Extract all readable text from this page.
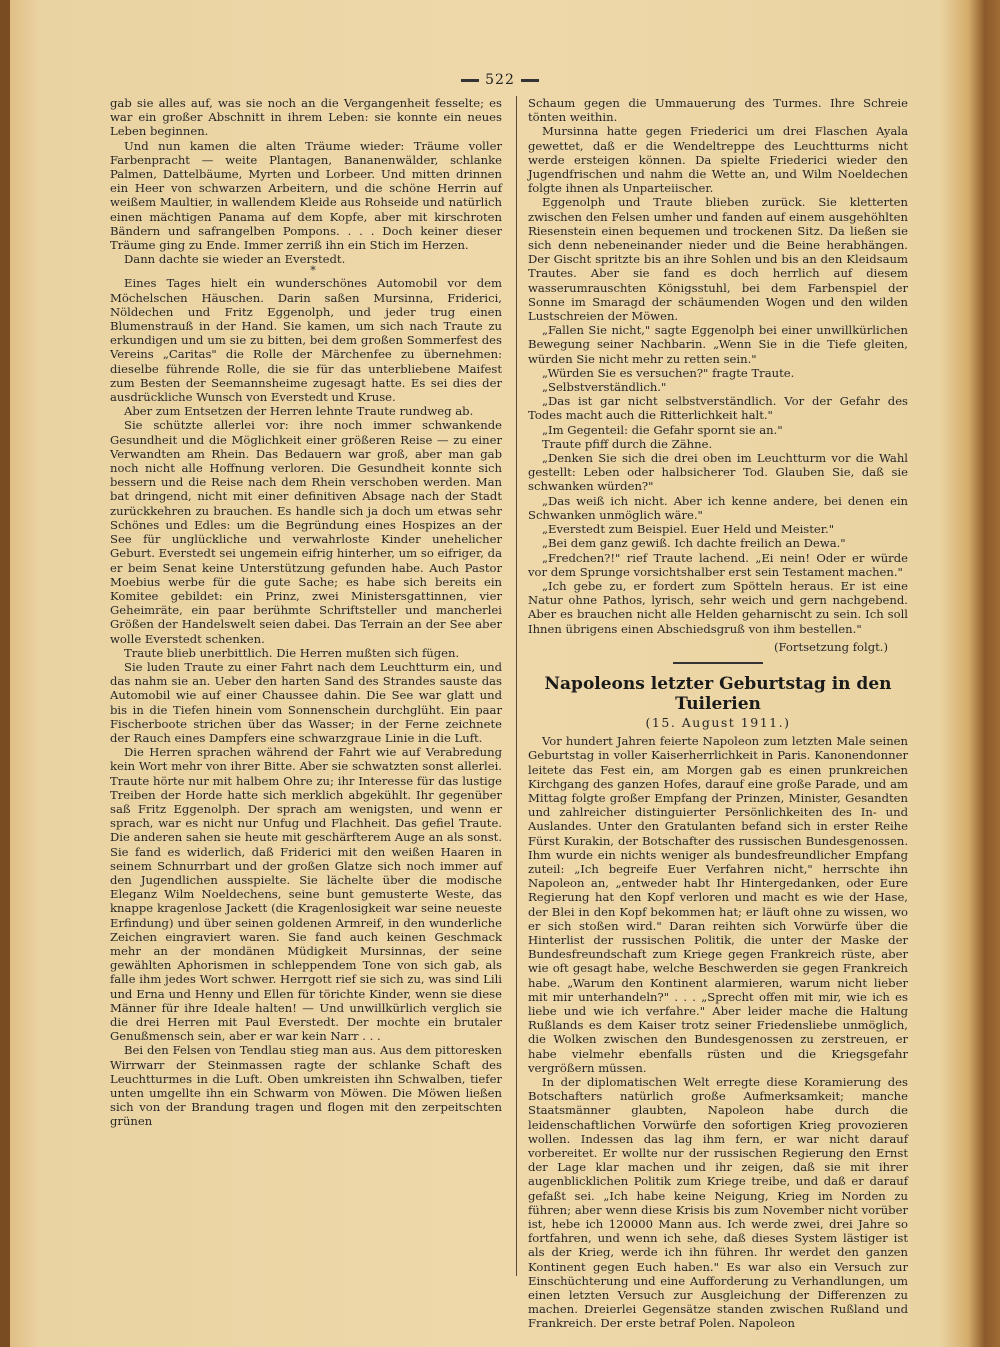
522

gab sie alles auf, was sie noch an die Vergangenheit fesselte; es war ein großer Abschnitt in ihrem Leben: sie konnte ein neues Leben beginnen.

Und nun kamen die alten Träume wieder: Träume voller Farbenpracht — weite Plantagen, Bananenwälder, schlanke Palmen, Dattelbäume, Myrten und Lorbeer. Und mitten drinnen ein Heer von schwarzen Arbeitern, und die schöne Herrin auf weißem Maultier, in wallendem Kleide aus Rohseide und natürlich einen mächtigen Panama auf dem Kopfe, aber mit kirschroten Bändern und safrangelben Pompons. . . . Doch keiner dieser Träume ging zu Ende. Immer zerriß ihn ein Stich im Herzen.

Dann dachte sie wieder an Everstedt.

*

Eines Tages hielt ein wunderschönes Automobil vor dem Möchelschen Häuschen. Darin saßen Mursinna, Friderici, Nöldechen und Fritz Eggenolph, und jeder trug einen Blumenstrauß in der Hand. Sie kamen, um sich nach Traute zu erkundigen und um sie zu bitten, bei dem großen Sommerfest des Vereins „Caritas" die Rolle der Märchenfee zu übernehmen: dieselbe führende Rolle, die sie für das unterbliebene Maifest zum Besten der Seemannsheime zugesagt hatte. Es sei dies der ausdrückliche Wunsch von Everstedt und Kruse.

Aber zum Entsetzen der Herren lehnte Traute rundweg ab.

Sie schützte allerlei vor: ihre noch immer schwankende Gesundheit und die Möglichkeit einer größeren Reise — zu einer Verwandten am Rhein. Das Bedauern war groß, aber man gab noch nicht alle Hoffnung verloren. Die Gesundheit konnte sich bessern und die Reise nach dem Rhein verschoben werden. Man bat dringend, nicht mit einer definitiven Absage nach der Stadt zurückkehren zu brauchen. Es handle sich ja doch um etwas sehr Schönes und Edles: um die Begründung eines Hospizes an der See für unglückliche und verwahrloste Kinder unehelicher Geburt. Everstedt sei ungemein eifrig hinterher, um so eifriger, da er beim Senat keine Unterstützung gefunden habe. Auch Pastor Moebius werbe für die gute Sache; es habe sich bereits ein Komitee gebildet: ein Prinz, zwei Ministersgattinnen, vier Geheimräte, ein paar berühmte Schriftsteller und mancherlei Größen der Handelswelt seien dabei. Das Terrain an der See aber wolle Everstedt schenken.

Traute blieb unerbittlich. Die Herren mußten sich fügen.

Sie luden Traute zu einer Fahrt nach dem Leuchtturm ein, und das nahm sie an. Ueber den harten Sand des Strandes sauste das Automobil wie auf einer Chaussee dahin. Die See war glatt und bis in die Tiefen hinein vom Sonnenschein durchglüht. Ein paar Fischerboote strichen über das Wasser; in der Ferne zeichnete der Rauch eines Dampfers eine schwarzgraue Linie in die Luft.

Die Herren sprachen während der Fahrt wie auf Verabredung kein Wort mehr von ihrer Bitte. Aber sie schwatzten sonst allerlei. Traute hörte nur mit halbem Ohre zu; ihr Interesse für das lustige Treiben der Horde hatte sich merklich abgekühlt. Ihr gegenüber saß Fritz Eggenolph. Der sprach am wenigsten, und wenn er sprach, war es nicht nur Unfug und Flachheit. Das gefiel Traute. Die anderen sahen sie heute mit geschärfterem Auge an als sonst. Sie fand es widerlich, daß Friderici mit den weißen Haaren in seinem Schnurrbart und der großen Glatze sich noch immer auf den Jugendlichen ausspielte. Sie lächelte über die modische Eleganz Wilm Noeldechens, seine bunt gemusterte Weste, das knappe kragenlose Jackett (die Kragenlosigkeit war seine neueste Erfindung) und über seinen goldenen Armreif, in den wunderliche Zeichen eingraviert waren. Sie fand auch keinen Geschmack mehr an der mondänen Müdigkeit Mursinnas, der seine gewählten Aphorismen in schleppendem Tone von sich gab, als falle ihm jedes Wort schwer. Herrgott rief sie sich zu, was sind Lili und Erna und Henny und Ellen für törichte Kinder, wenn sie diese Männer für ihre Ideale halten! — Und unwillkürlich verglich sie die drei Herren mit Paul Everstedt. Der mochte ein brutaler Genußmensch sein, aber er war kein Narr . . .

Bei den Felsen von Tendlau stieg man aus. Aus dem pittoresken Wirrwarr der Steinmassen ragte der schlanke Schaft des Leuchtturmes in die Luft. Oben umkreisten ihn Schwalben, tiefer unten umgellte ihn ein Schwarm von Möwen. Die Möwen ließen sich von der Brandung tragen und flogen mit den zerpeitschten grünen

Schaum gegen die Ummauerung des Turmes. Ihre Schreie tönten weithin.

Mursinna hatte gegen Friederici um drei Flaschen Ayala gewettet, daß er die Wendeltreppe des Leuchtturms nicht werde ersteigen können. Da spielte Friederici wieder den Jugendfrischen und nahm die Wette an, und Wilm Noeldechen folgte ihnen als Unparteiischer.

Eggenolph und Traute blieben zurück. Sie kletterten zwischen den Felsen umher und fanden auf einem ausgehöhlten Riesenstein einen bequemen und trockenen Sitz. Da ließen sie sich denn nebeneinander nieder und die Beine herabhängen. Der Gischt spritzte bis an ihre Sohlen und bis an den Kleidsaum Trautes. Aber sie fand es doch herrlich auf diesem wasserumrauschten Königsstuhl, bei dem Farbenspiel der Sonne im Smaragd der schäumenden Wogen und den wilden Lustschreien der Möwen.

„Fallen Sie nicht," sagte Eggenolph bei einer unwillkürlichen Bewegung seiner Nachbarin. „Wenn Sie in die Tiefe gleiten, würden Sie nicht mehr zu retten sein."

„Würden Sie es versuchen?" fragte Traute.

„Selbstverständlich."

„Das ist gar nicht selbstverständlich. Vor der Gefahr des Todes macht auch die Ritterlichkeit halt."

„Im Gegenteil: die Gefahr spornt sie an."

Traute pfiff durch die Zähne.

„Denken Sie sich die drei oben im Leuchtturm vor die Wahl gestellt: Leben oder halbsicherer Tod. Glauben Sie, daß sie schwanken würden?"

„Das weiß ich nicht. Aber ich kenne andere, bei denen ein Schwanken unmöglich wäre."

„Everstedt zum Beispiel. Euer Held und Meister."

„Bei dem ganz gewiß. Ich dachte freilich an Dewa."

„Fredchen?!" rief Traute lachend. „Ei nein! Oder er würde vor dem Sprunge vorsichtshalber erst sein Testament machen."

„Ich gebe zu, er fordert zum Spötteln heraus. Er ist eine Natur ohne Pathos, lyrisch, sehr weich und gern nachgebend. Aber es brauchen nicht alle Helden geharnischt zu sein. Ich soll Ihnen übrigens einen Abschiedsgruß von ihm bestellen."

(Fortsetzung folgt.)
Napoleons letzter Geburtstag in den Tuilerien
(15. August 1911.)

Vor hundert Jahren feierte Napoleon zum letzten Male seinen Geburtstag in voller Kaiserherrlichkeit in Paris. Kanonendonner leitete das Fest ein, am Morgen gab es einen prunkreichen Kirchgang des ganzen Hofes, darauf eine große Parade, und am Mittag folgte großer Empfang der Prinzen, Minister, Gesandten und zahlreicher distinguierter Persönlichkeiten des In- und Auslandes. Unter den Gratulanten befand sich in erster Reihe Fürst Kurakin, der Botschafter des russischen Bundesgenossen. Ihm wurde ein nichts weniger als bundesfreundlicher Empfang zuteil: „Ich begreife Euer Verfahren nicht," herrschte ihn Napoleon an, „entweder habt Ihr Hintergedanken, oder Eure Regierung hat den Kopf verloren und macht es wie der Hase, der Blei in den Kopf bekommen hat; er läuft ohne zu wissen, wo er sich stoßen wird." Daran reihten sich Vorwürfe über die Hinterlist der russischen Politik, die unter der Maske der Bundesfreundschaft zum Kriege gegen Frankreich rüste, aber wie oft gesagt habe, welche Beschwerden sie gegen Frankreich habe. „Warum den Kontinent alarmieren, warum nicht lieber mit mir unterhandeln?" . . . „Sprecht offen mit mir, wie ich es liebe und wie ich verfahre." Aber leider mache die Haltung Rußlands es dem Kaiser trotz seiner Friedensliebe unmöglich, die Wolken zwischen den Bundesgenossen zu zerstreuen, er habe vielmehr ebenfalls rüsten und die Kriegsgefahr vergrößern müssen.

In der diplomatischen Welt erregte diese Koramierung des Botschafters natürlich große Aufmerksamkeit; manche Staatsmänner glaubten, Napoleon habe durch die leidenschaftlichen Vorwürfe den sofortigen Krieg provozieren wollen. Indessen das lag ihm fern, er war nicht darauf vorbereitet. Er wollte nur der russischen Regierung den Ernst der Lage klar machen und ihr zeigen, daß sie mit ihrer augenblicklichen Politik zum Kriege treibe, und daß er darauf gefaßt sei. „Ich habe keine Neigung, Krieg im Norden zu führen; aber wenn diese Krisis bis zum November nicht vorüber ist, hebe ich 120000 Mann aus. Ich werde zwei, drei Jahre so fortfahren, und wenn ich sehe, daß dieses System lästiger ist als der Krieg, werde ich ihn führen. Ihr werdet den ganzen Kontinent gegen Euch haben." Es war also ein Versuch zur Einschüchterung und eine Aufforderung zu Verhandlungen, um einen letzten Versuch zur Ausgleichung der Differenzen zu machen. Dreierlei Gegensätze standen zwischen Rußland und Frankreich. Der erste betraf Polen. Napoleon
